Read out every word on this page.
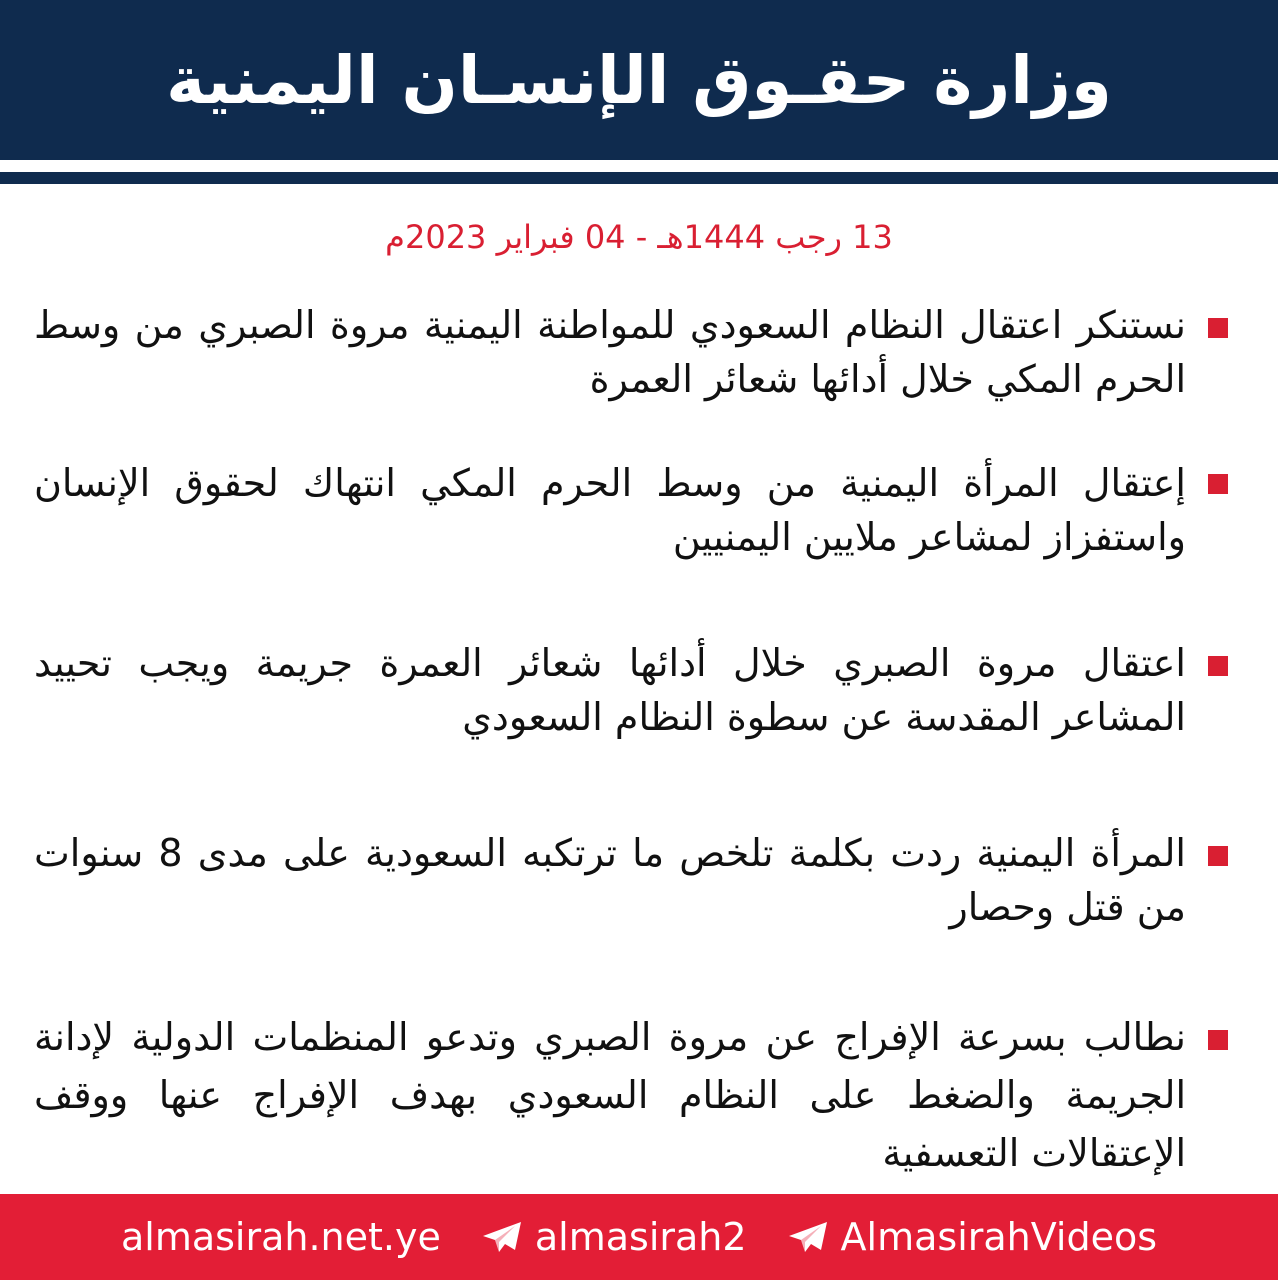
وزارة حقـوق الإنسـان اليمنية
13 رجب 1444هـ - 04 فبراير 2023م
نستنكر اعتقال النظام السعودي للمواطنة اليمنية مروة الصبري من وسط الحرم المكي خلال أدائها شعائر العمرة
إعتقال المرأة اليمنية من وسط الحرم المكي انتهاك لحقوق الإنسان واستفزاز لمشاعر ملايين اليمنيين
اعتقال مروة الصبري خلال أدائها شعائر العمرة جريمة ويجب تحييد المشاعر المقدسة عن سطوة النظام السعودي
المرأة اليمنية ردت بكلمة تلخص ما ترتكبه السعودية على مدى 8 سنوات من قتل وحصار
نطالب بسرعة الإفراج عن مروة الصبري وتدعو المنظمات الدولية لإدانة الجريمة والضغط على النظام السعودي بهدف الإفراج عنها ووقف الإعتقالات التعسفية
almasirah.net.ye almasirah2 AlmasirahVideos
